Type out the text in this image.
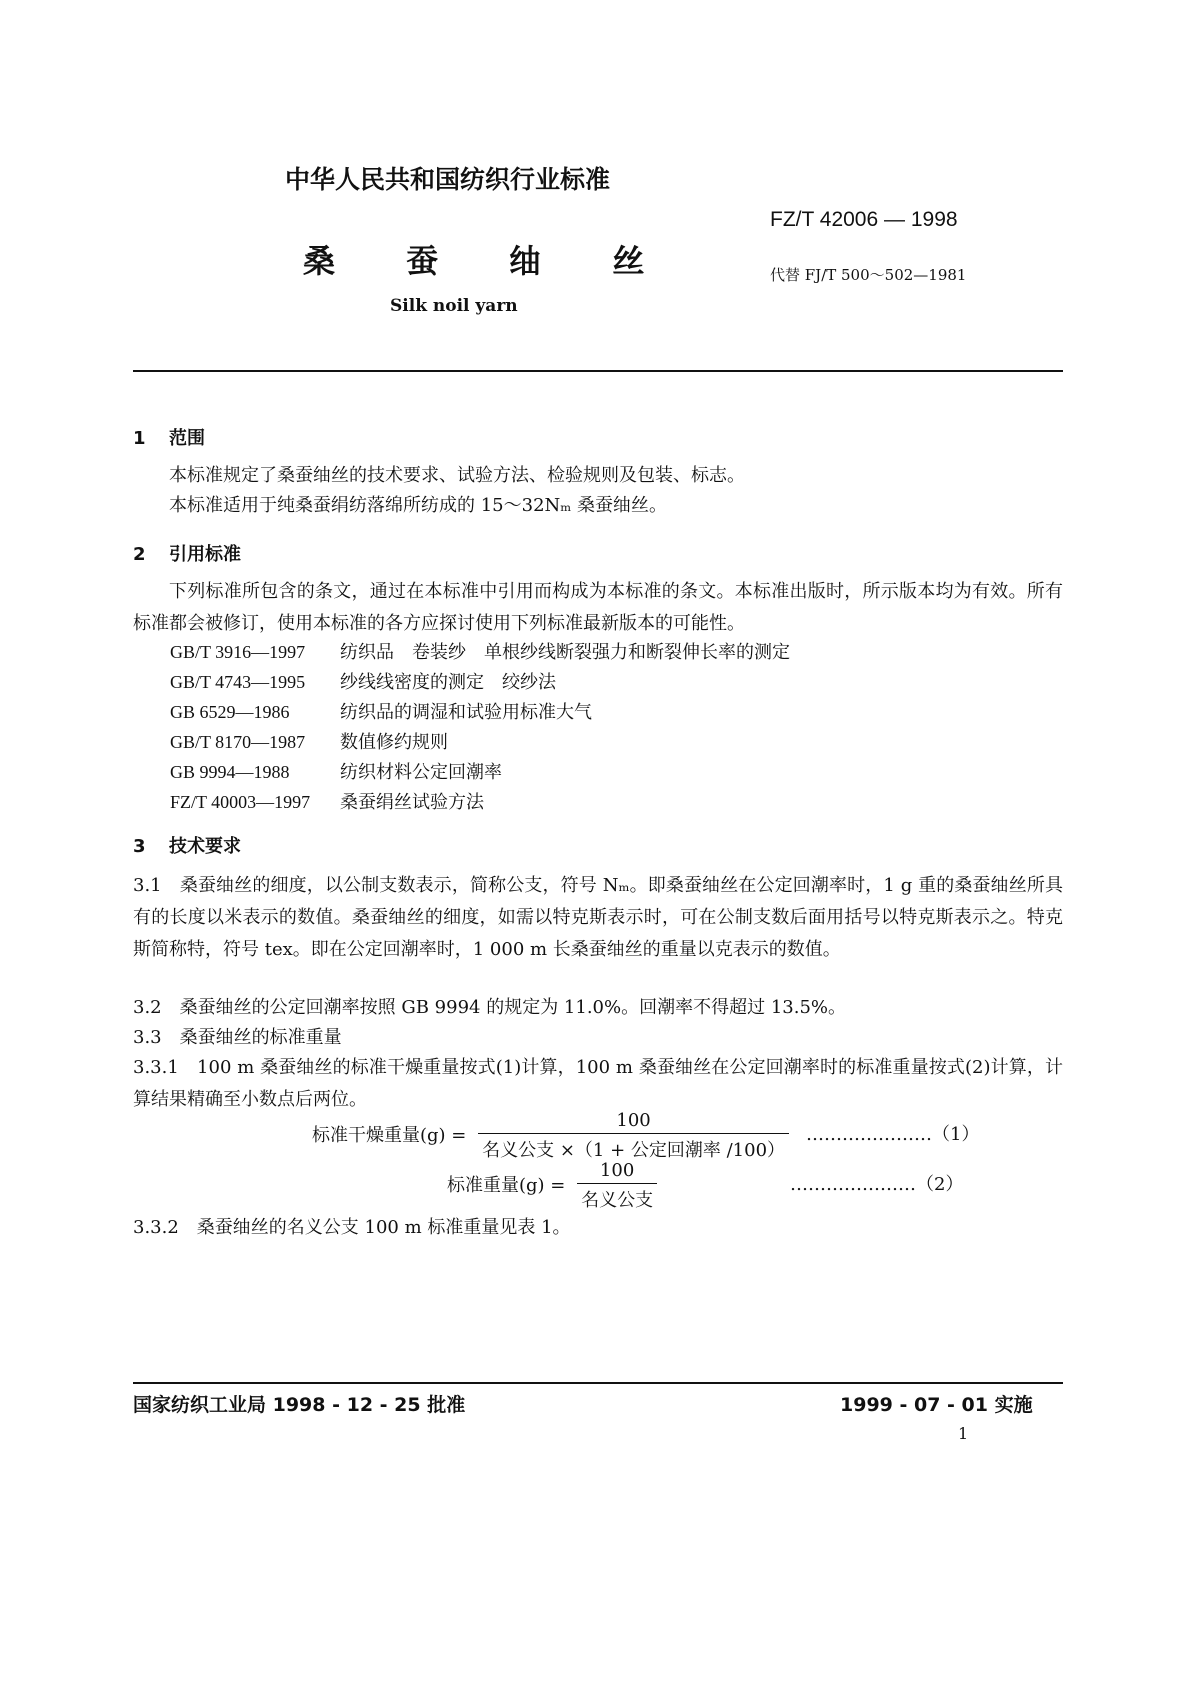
中华人民共和国纺织行业标准
FZ/T 42006 — 1998
桑 蚕 䌷 丝	代替 FJ/T 500～502—1981
Silk noil yarn
1 范围
本标准规定了桑蚕䌷丝的技术要求、试验方法、检验规则及包装、标志。
本标准适用于纯桑蚕绢纺落绵所纺成的 15～32Nₘ 桑蚕䌷丝。
2 引用标准
下列标准所包含的条文，通过在本标准中引用而构成为本标准的条文。本标准出版时，所示版本均为有效。所有标准都会被修订，使用本标准的各方应探讨使用下列标准最新版本的可能性。
GB/T 3916—1997 纺织品　卷装纱　单根纱线断裂强力和断裂伸长率的测定
GB/T 4743—1995 纱线线密度的测定　绞纱法
GB 6529—1986	纺织品的调湿和试验用标准大气
GB/T 8170—1987 数值修约规则
GB 9994—1988	纺织材料公定回潮率
FZ/T 40003—1997 桑蚕绢丝试验方法
3 技术要求
3.1　桑蚕䌷丝的细度，以公制支数表示，简称公支，符号 Nₘ。即桑蚕䌷丝在公定回潮率时，1 g 重的桑蚕䌷丝所具有的长度以米表示的数值。桑蚕䌷丝的细度，如需以特克斯表示时，可在公制支数后面用括号以特克斯表示之。特克斯简称特，符号 tex。即在公定回潮率时，1 000 m 长桑蚕䌷丝的重量以克表示的数值。
3.2　桑蚕䌷丝的公定回潮率按照 GB 9994 的规定为 11.0%。回潮率不得超过 13.5%。
3.3　桑蚕䌷丝的标准重量
3.3.1　100 m 桑蚕䌷丝的标准干燥重量按式(1)计算，100 m 桑蚕䌷丝在公定回潮率时的标准重量按式(2)计算，计算结果精确至小数点后两位。
标准干燥重量$(g) = \frac{100}{\text{名义公支 ×（1 + 公定回潮率 /100）}}$ …………………（1）
标准重量$(g) = \frac{100}{\text{名义公支}}$	…………………（2）
3.3.2　桑蚕䌷丝的名义公支 100 m 标准重量见表 1。
国家纺织工业局 1998 - 12 - 25 批准	1999 - 07 - 01 实施
1
